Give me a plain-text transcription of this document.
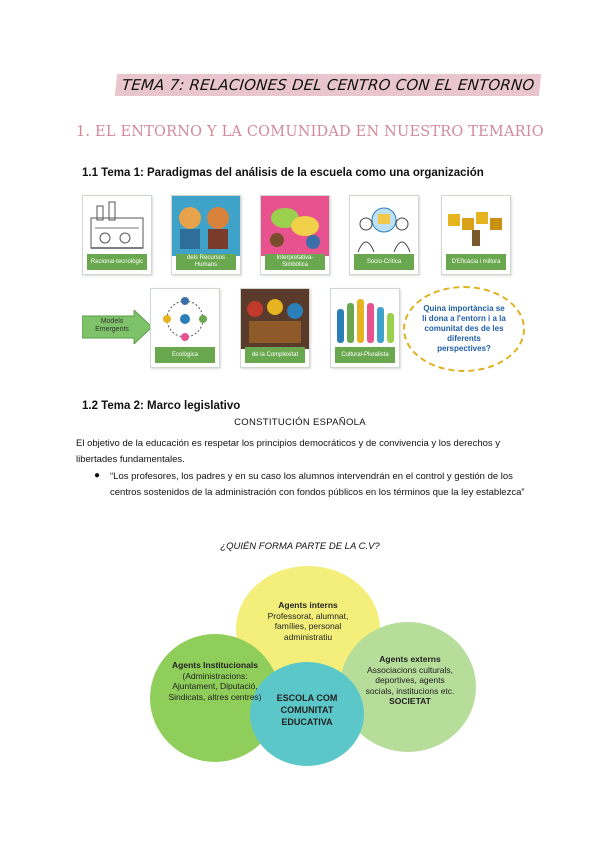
TEMA 7: RELACIONES DEL CENTRO CON EL ENTORNO
1. EL ENTORNO Y LA COMUNIDAD EN NUESTRO TEMARIO
1.1 Tema 1: Paradigmas del análisis de la escuela como una organización
Racional-tecnològic
dels Recursos Humans
Interpretativa-Simbòlica
Socio-Crítica	D'Eficàcia i millora
Models Emergents
Ecològica	de la Complexitat	Cultural-Pluralista
Quina importància se li dona a l'entorn i a la comunitat des de les diferents perspectives?
1.2 Tema 2: Marco legislativo
CONSTITUCIÓN ESPAÑOLA
El objetivo de la educación es respetar los principios democráticos y de convivencia y los derechos y libertades fundamentales.
● “Los profesores, los padres y en su caso los alumnos intervendrán en el control y gestión de los centros sostenidos de la administración con fondos públicos en los términos que la ley establezca”
¿QUIÉN FORMA PARTE DE LA C.V?
Agents interns
Professorat, alumnat, famílies, personal administratiu
Agents Institucionals
(Administracions: Ajuntament, Diputació, Sindicats, altres centres)
Agents externs
Associacions culturals, deportives, agents socials, institucions etc.
SOCIETAT
ESCOLA COM COMUNITAT EDUCATIVA
